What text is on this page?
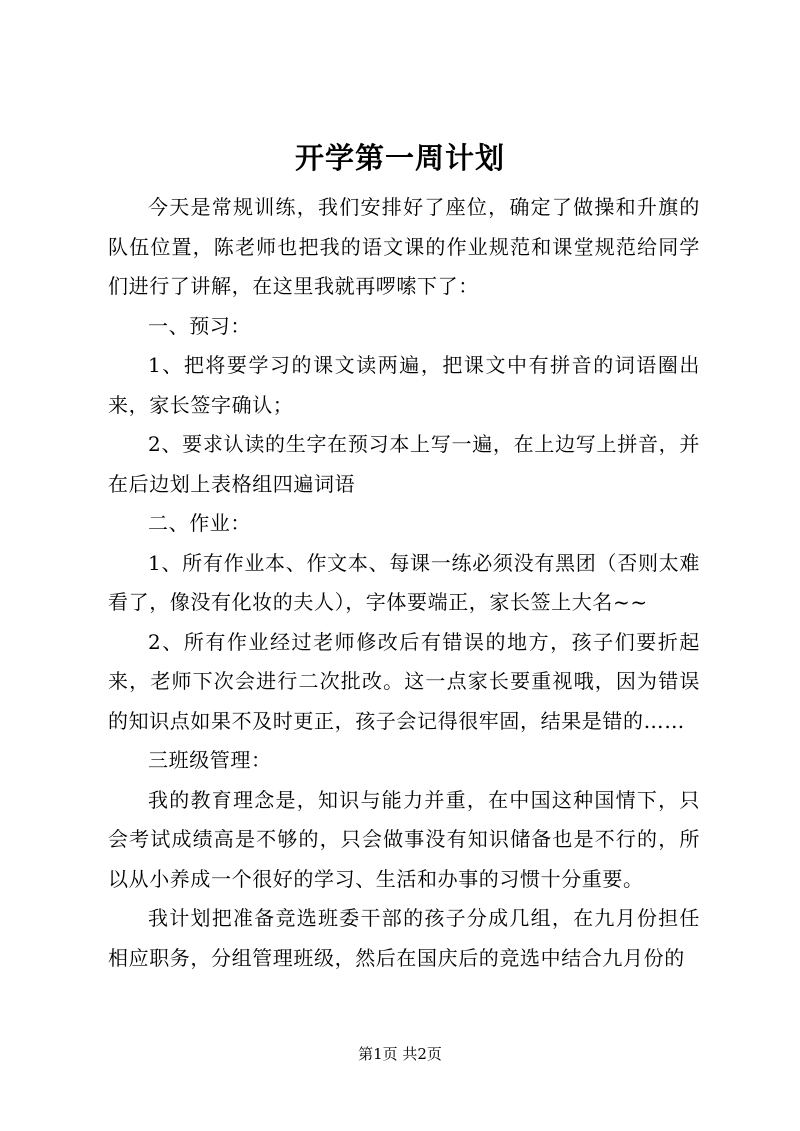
开学第一周计划

今天是常规训练，我们安排好了座位，确定了做操和升旗的队伍位置，陈老师也把我的语文课的作业规范和课堂规范给同学们进行了讲解，在这里我就再啰嗦下了：

一、预习：

1、把将要学习的课文读两遍，把课文中有拼音的词语圈出来，家长签字确认；

2、要求认读的生字在预习本上写一遍，在上边写上拼音，并在后边划上表格组四遍词语

二、作业：

1、所有作业本、作文本、每课一练必须没有黑团（否则太难看了，像没有化妆的夫人），字体要端正，家长签上大名~~

2、所有作业经过老师修改后有错误的地方，孩子们要折起来，老师下次会进行二次批改。这一点家长要重视哦，因为错误的知识点如果不及时更正，孩子会记得很牢固，结果是错的……

三班级管理：

我的教育理念是，知识与能力并重，在中国这种国情下，只会考试成绩高是不够的，只会做事没有知识储备也是不行的，所以从小养成一个很好的学习、生活和办事的习惯十分重要。

我计划把准备竞选班委干部的孩子分成几组，在九月份担任相应职务，分组管理班级，然后在国庆后的竞选中结合九月份的

第1页 共2页
